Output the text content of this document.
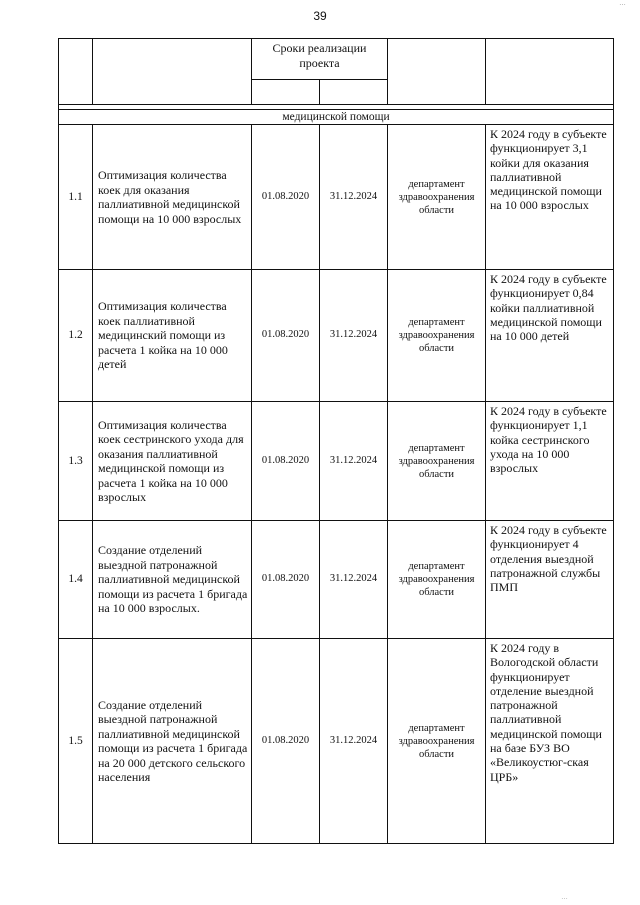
39
…
		Сроки реализации проекта			

медицинской помощи					
1.1	Оптимизация количества коек для оказания паллиативной медицинской помощи на 10 000 взрослых	01.08.2020	31.12.2024	департамент здравоохранения области	К 2024 году в субъекте функционирует 3,1 койки для оказания паллиативной медицинской помощи на 10 000 взрослых
1.2	Оптимизация количества коек паллиативной медицинский помощи из расчета 1 койка на 10 000 детей	01.08.2020	31.12.2024	департамент здравоохранения области	К 2024 году в субъекте функционирует 0,84 койки паллиативной медицинской помощи на 10 000 детей
1.3	Оптимизация количества коек сестринского ухода для оказания паллиативной медицинской помощи из расчета 1 койка на 10 000 взрослых	01.08.2020	31.12.2024	департамент здравоохранения области	К 2024 году в субъекте функционирует 1,1 койка сестринского ухода на 10 000 взрослых
1.4	Создание отделений выездной патронажной паллиативной медицинской помощи из расчета 1 бригада на 10 000 взрослых.	01.08.2020	31.12.2024	департамент здравоохранения области	К 2024 году в субъекте функционирует 4 отделения выездной патронажной службы ПМП
1.5	Создание отделений выездной патронажной паллиативной медицинской помощи из расчета 1 бригада на 20 000 детского сельского населения	01.08.2020	31.12.2024	департамент здравоохранения области	К 2024 году в Вологодской области функционирует отделение выездной патронажной паллиативной медицинской помощи на базе БУЗ ВО «Великоустюг-ская ЦРБ»
…
